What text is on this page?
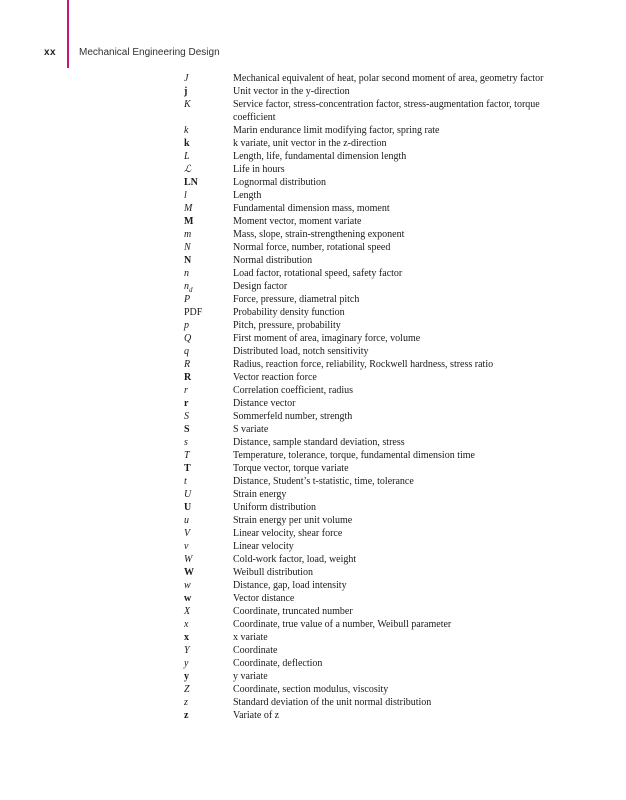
xx Mechanical Engineering Design
J	Mechanical equivalent of heat, polar second moment of area, geometry factor
j	Unit vector in the y-direction
K	Service factor, stress-concentration factor, stress-augmentation factor, torque coefficient
k	Marin endurance limit modifying factor, spring rate
k	k variate, unit vector in the z-direction
L	Length, life, fundamental dimension length
ℒ	Life in hours
LN	Lognormal distribution
l	Length
M	Fundamental dimension mass, moment
M	Moment vector, moment variate
m	Mass, slope, strain-strengthening exponent
N	Normal force, number, rotational speed
N	Normal distribution
n	Load factor, rotational speed, safety factor
$n_d$	Design factor
P	Force, pressure, diametral pitch
PDF	Probability density function
p	Pitch, pressure, probability
Q	First moment of area, imaginary force, volume
q	Distributed load, notch sensitivity
R	Radius, reaction force, reliability, Rockwell hardness, stress ratio
R	Vector reaction force
r	Correlation coefficient, radius
r	Distance vector
S	Sommerfeld number, strength
S	S variate
s	Distance, sample standard deviation, stress
T	Temperature, tolerance, torque, fundamental dimension time
T	Torque vector, torque variate
t	Distance, Student’s t-statistic, time, tolerance
U	Strain energy
U	Uniform distribution
u	Strain energy per unit volume
V	Linear velocity, shear force
v	Linear velocity
W	Cold-work factor, load, weight
W	Weibull distribution
w	Distance, gap, load intensity
w	Vector distance
X	Coordinate, truncated number
x	Coordinate, true value of a number, Weibull parameter
x	x variate
Y	Coordinate
y	Coordinate, deflection
y	y variate
Z	Coordinate, section modulus, viscosity
z	Standard deviation of the unit normal distribution
z	Variate of z
